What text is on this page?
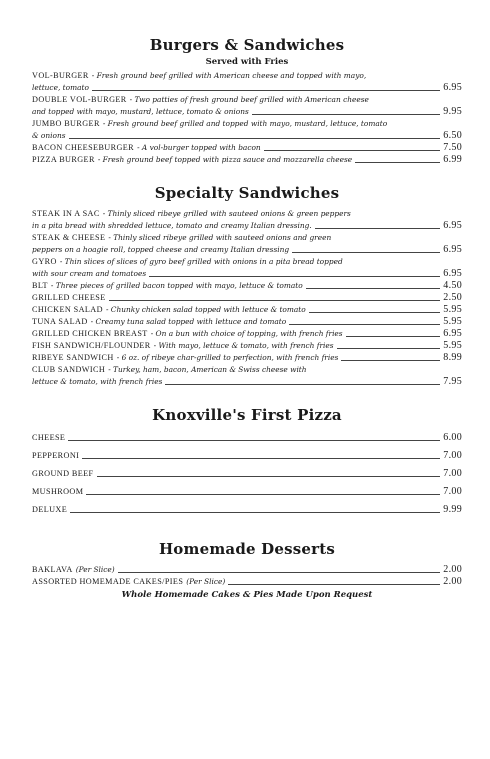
Burgers & Sandwiches
Served with Fries
VOL-BURGER - Fresh ground beef grilled with American cheese and topped with mayo,
lettuce, tomato	6.95
DOUBLE VOL-BURGER - Two patties of fresh ground beef grilled with American cheese
and topped with mayo, mustard, lettuce, tomato & onions	9.95
JUMBO BURGER - Fresh ground beef grilled and topped with mayo, mustard, lettuce, tomato
& onions	6.50
BACON CHEESEBURGER - A vol-burger topped with bacon	7.50
PIZZA BURGER - Fresh ground beef topped with pizza sauce and mozzarella cheese	6.99
Specialty Sandwiches
STEAK IN A SAC - Thinly sliced ribeye grilled with sauteed onions & green peppers
in a pita bread with shredded lettuce, tomato and creamy Italian dressing.	6.95
STEAK & CHEESE - Thinly sliced ribeye grilled with sauteed onions and green
peppers on a hoagie roll, topped cheese and creamy Italian dressing	6.95
GYRO - Thin slices of slices of gyro beef grilled with onions in a pita bread topped
with sour cream and tomatoes	6.95
BLT - Three pieces of grilled bacon topped with mayo, lettuce & tomato	4.50
GRILLED CHEESE	2.50
CHICKEN SALAD - Chunky chicken salad topped with lettuce & tomato	5.95
TUNA SALAD - Creamy tuna salad topped with lettuce and tomato	5.95
GRILLED CHICKEN BREAST - On a bun with choice of topping, with french fries	6.95
FISH SANDWICH/FLOUNDER - With mayo, lettuce & tomato, with french fries	5.95
RIBEYE SANDWICH - 6 oz. of ribeye char-grilled to perfection, with french fries	8.99
CLUB SANDWICH - Turkey, ham, bacon, American & Swiss cheese with
lettuce & tomato, with french fries	7.95
Knoxville's First Pizza
CHEESE	6.00
PEPPERONI	7.00
GROUND BEEF	7.00
MUSHROOM	7.00
DELUXE	9.99
Homemade Desserts
BAKLAVA (Per Slice)	2.00
ASSORTED HOMEMADE CAKES/PIES (Per Slice)	2.00
Whole Homemade Cakes & Pies Made Upon Request
